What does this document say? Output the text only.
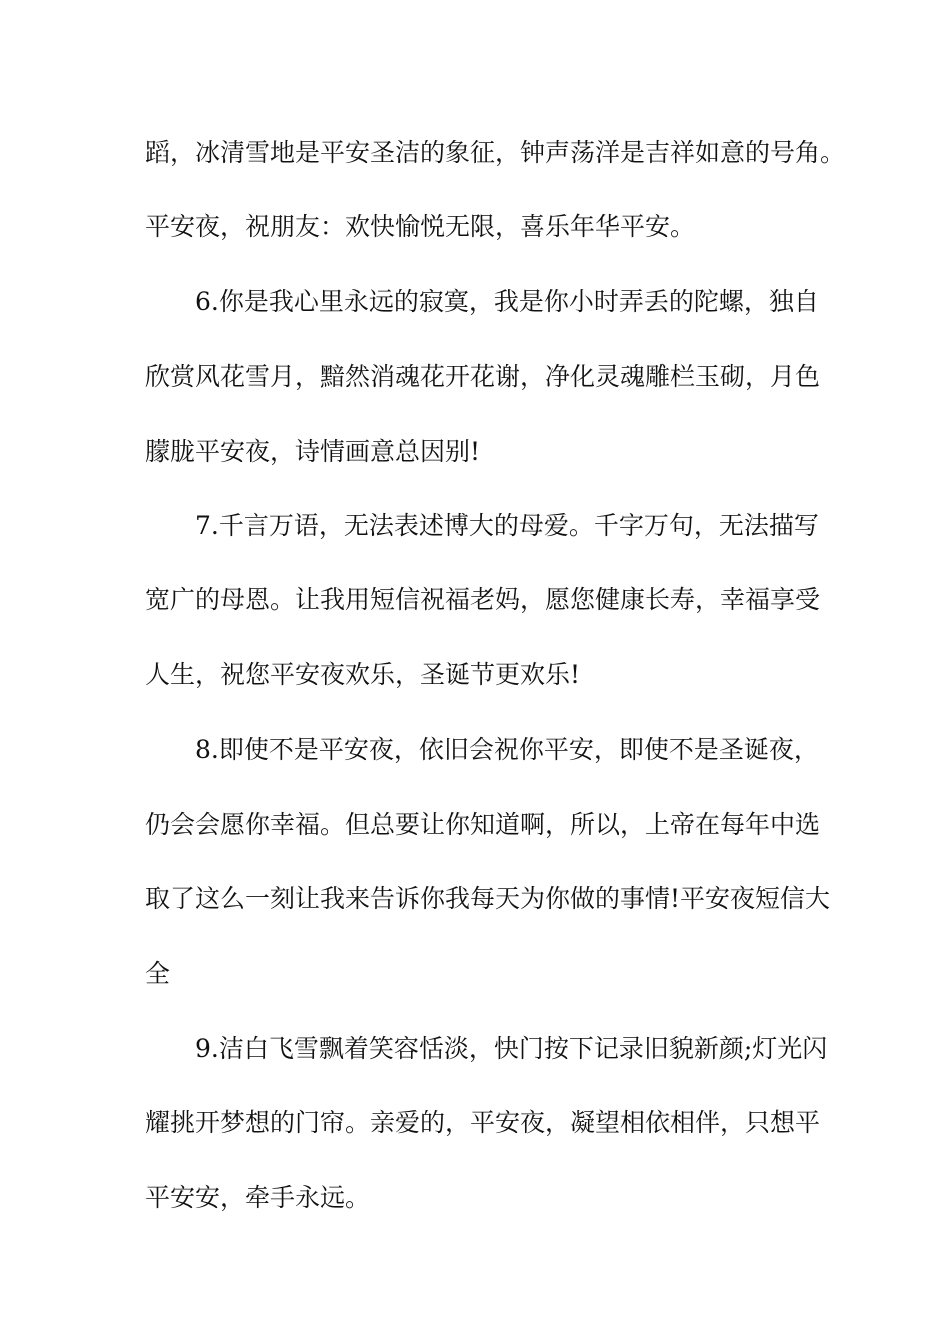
蹈，冰清雪地是平安圣洁的象征，钟声荡洋是吉祥如意的号角。
平安夜，祝朋友：欢快愉悦无限，喜乐年华平安。
　　6.你是我心里永远的寂寞，我是你小时弄丢的陀螺，独自
欣赏风花雪月，黯然消魂花开花谢，净化灵魂雕栏玉砌，月色
朦胧平安夜，诗情画意总因别!
　　7.千言万语，无法表述博大的母爱。千字万句，无法描写
宽广的母恩。让我用短信祝福老妈，愿您健康长寿，幸福享受
人生，祝您平安夜欢乐，圣诞节更欢乐!
　　8.即使不是平安夜，依旧会祝你平安，即使不是圣诞夜，
仍会会愿你幸福。但总要让你知道啊，所以，上帝在每年中选
取了这么一刻让我来告诉你我每天为你做的事情!平安夜短信大
全
　　9.洁白飞雪飘着笑容恬淡，快门按下记录旧貌新颜;灯光闪
耀挑开梦想的门帘。亲爱的，平安夜，凝望相依相伴，只想平
平安安，牵手永远。
